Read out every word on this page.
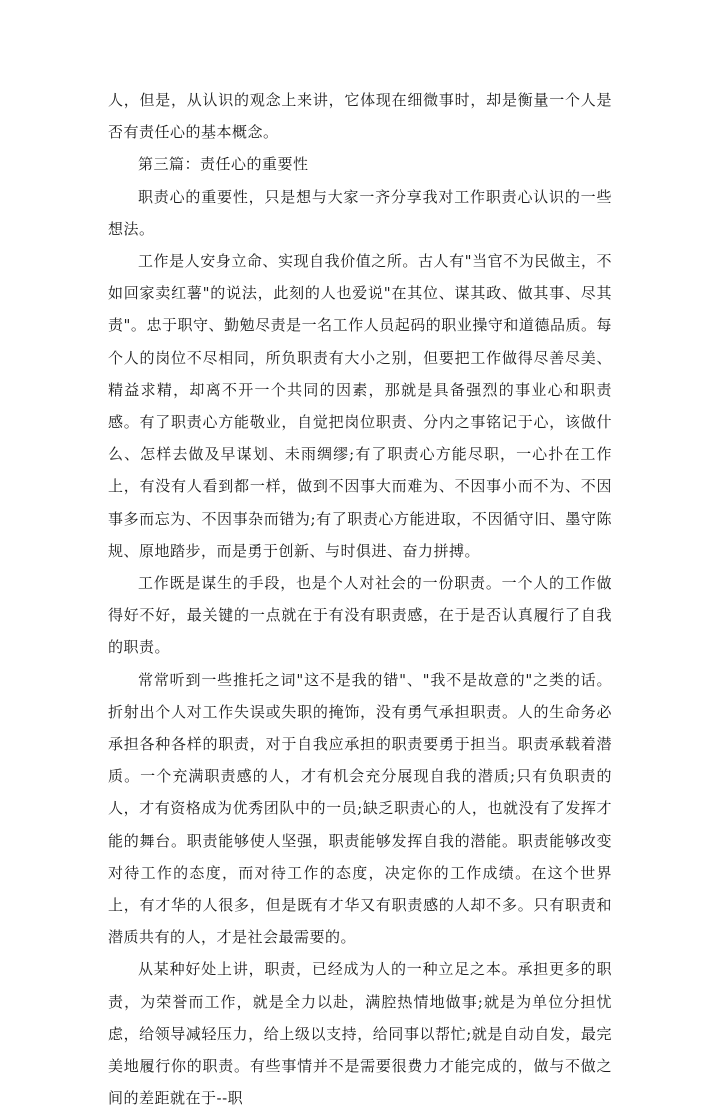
人，但是，从认识的观念上来讲，它体现在细微事时，却是衡量一个人是否有责任心的基本概念。

第三篇：责任心的重要性

职责心的重要性，只是想与大家一齐分享我对工作职责心认识的一些想法。

工作是人安身立命、实现自我价值之所。古人有"当官不为民做主，不如回家卖红薯"的说法，此刻的人也爱说"在其位、谋其政、做其事、尽其责"。忠于职守、勤勉尽责是一名工作人员起码的职业操守和道德品质。每个人的岗位不尽相同，所负职责有大小之别，但要把工作做得尽善尽美、精益求精，却离不开一个共同的因素，那就是具备强烈的事业心和职责感。有了职责心方能敬业，自觉把岗位职责、分内之事铭记于心，该做什么、怎样去做及早谋划、未雨绸缪;有了职责心方能尽职，一心扑在工作上，有没有人看到都一样，做到不因事大而难为、不因事小而不为、不因事多而忘为、不因事杂而错为;有了职责心方能进取，不因循守旧、墨守陈规、原地踏步，而是勇于创新、与时俱进、奋力拼搏。

工作既是谋生的手段，也是个人对社会的一份职责。一个人的工作做得好不好，最关键的一点就在于有没有职责感，在于是否认真履行了自我的职责。

常常听到一些推托之词"这不是我的错"、"我不是故意的"之类的话。折射出个人对工作失误或失职的掩饰，没有勇气承担职责。人的生命务必承担各种各样的职责，对于自我应承担的职责要勇于担当。职责承载着潜质。一个充满职责感的人，才有机会充分展现自我的潜质;只有负职责的人，才有资格成为优秀团队中的一员;缺乏职责心的人，也就没有了发挥才能的舞台。职责能够使人坚强，职责能够发挥自我的潜能。职责能够改变对待工作的态度，而对待工作的态度，决定你的工作成绩。在这个世界上，有才华的人很多，但是既有才华又有职责感的人却不多。只有职责和潜质共有的人，才是社会最需要的。

从某种好处上讲，职责，已经成为人的一种立足之本。承担更多的职责，为荣誉而工作，就是全力以赴，满腔热情地做事;就是为单位分担忧虑，给领导减轻压力，给上级以支持，给同事以帮忙;就是自动自发，最完美地履行你的职责。有些事情并不是需要很费力才能完成的，做与不做之间的差距就在于--职
